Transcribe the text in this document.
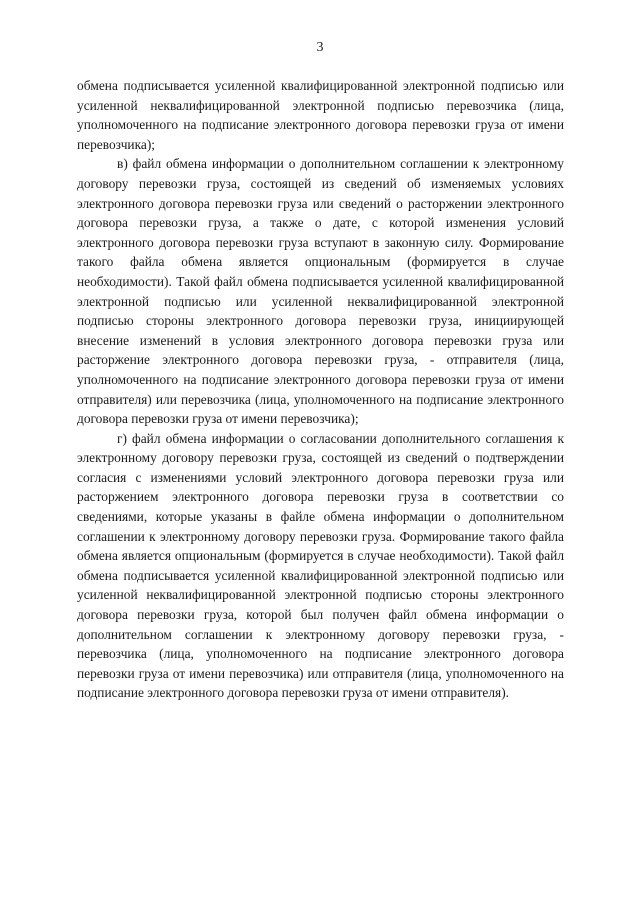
3

обмена подписывается усиленной квалифицированной электронной подписью или усиленной неквалифицированной электронной подписью перевозчика (лица, уполномоченного на подписание электронного договора перевозки груза от имени перевозчика);

в) файл обмена информации о дополнительном соглашении к электронному договору перевозки груза, состоящей из сведений об изменяемых условиях электронного договора перевозки груза или сведений о расторжении электронного договора перевозки груза, а также о дате, с которой изменения условий электронного договора перевозки груза вступают в законную силу. Формирование такого файла обмена является опциональным (формируется в случае необходимости). Такой файл обмена подписывается усиленной квалифицированной электронной подписью или усиленной неквалифицированной электронной подписью стороны электронного договора перевозки груза, инициирующей внесение изменений в условия электронного договора перевозки груза или расторжение электронного договора перевозки груза, - отправителя (лица, уполномоченного на подписание электронного договора перевозки груза от имени отправителя) или перевозчика (лица, уполномоченного на подписание электронного договора перевозки груза от имени перевозчика);

г) файл обмена информации о согласовании дополнительного соглашения к электронному договору перевозки груза, состоящей из сведений о подтверждении согласия с изменениями условий электронного договора перевозки груза или расторжением электронного договора перевозки груза в соответствии со сведениями, которые указаны в файле обмена информации о дополнительном соглашении к электронному договору перевозки груза. Формирование такого файла обмена является опциональным (формируется в случае необходимости). Такой файл обмена подписывается усиленной квалифицированной электронной подписью или усиленной неквалифицированной электронной подписью стороны электронного договора перевозки груза, которой был получен файл обмена информации о дополнительном соглашении к электронному договору перевозки груза, - перевозчика (лица, уполномоченного на подписание электронного договора перевозки груза от имени перевозчика) или отправителя (лица, уполномоченного на подписание электронного договора перевозки груза от имени отправителя).
